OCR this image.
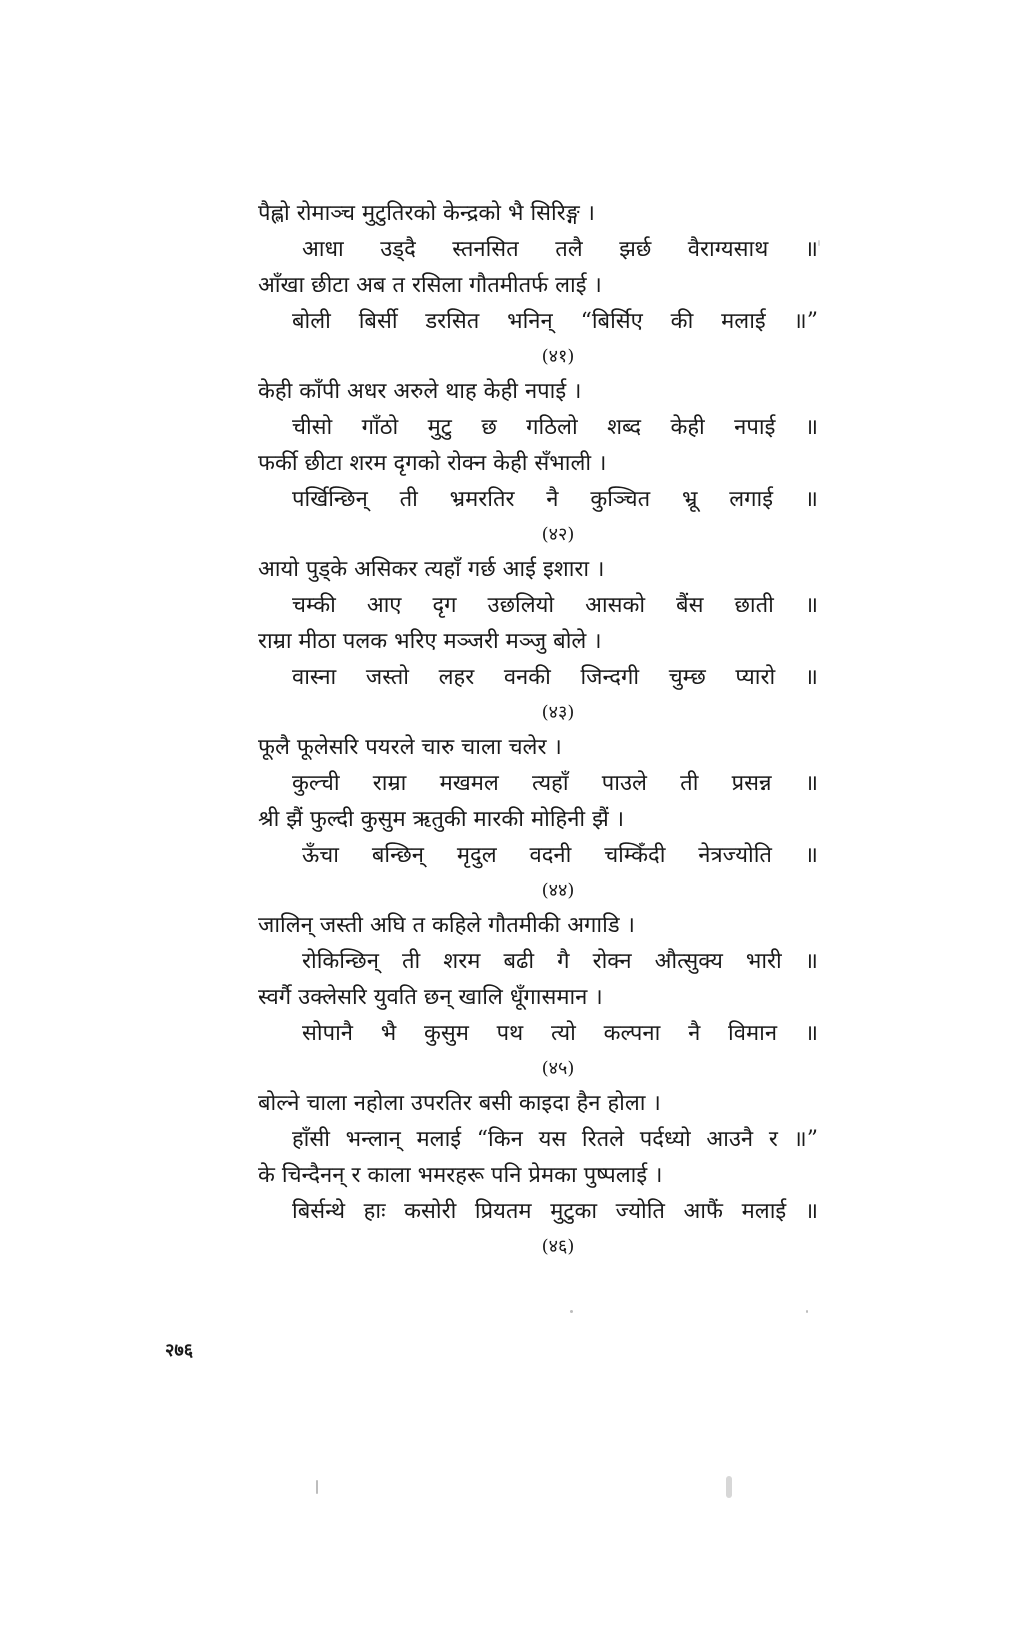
पैह्लो रोमाञ्च मुटुतिरको केन्द्रको भै सिरिङ्ग ।
आधा उड्दै स्तनसित तलै झर्छ वैराग्यसाथ ॥
आँखा छीटा अब त रसिला गौतमीतर्फ लाई ।
बोली बिर्सी डरसित भनिन् “बिर्सिए की मलाई ॥”
(४१)
केही काँपी अधर अरुले थाह केही नपाई ।
चीसो गाँठो मुटु छ गठिलो शब्द केही नपाई ॥
फर्की छीटा शरम दृगको रोक्न केही सँभाली ।
पर्खिन्छिन् ती भ्रमरतिर नै कुञ्चित भ्रू लगाई ॥
(४२)
आयो पुड्के असिकर त्यहाँ गर्छ आई इशारा ।
चम्की आए दृग उछलियो आसको बैंस छाती ॥
राम्रा मीठा पलक भरिए मञ्जरी मञ्जु बोले ।
वास्ना जस्तो लहर वनकी जिन्दगी चुम्छ प्यारो ॥
(४३)
फूलै फूलेसरि पयरले चारु चाला चलेर ।
कुल्ची राम्रा मखमल त्यहाँ पाउले ती प्रसन्न ॥
श्री झैं फुल्दी कुसुम ऋतुकी मारकी मोहिनी झैं ।
ऊँचा बन्छिन् मृदुल वदनी चम्किँदी नेत्रज्योति ॥
(४४)
जालिन् जस्ती अघि त कहिले गौतमीकी अगाडि ।
रोकिन्छिन् ती शरम बढी गै रोक्न औत्सुक्य भारी ॥
स्वर्गै उक्लेसरि युवति छन् खालि धूँगासमान ।
सोपानै भै कुसुम पथ त्यो कल्पना नै विमान ॥
(४५)
बोल्ने चाला नहोला उपरतिर बसी काइदा हैन होला ।
हाँसी भन्लान् मलाई “किन यस रितले पर्दध्यो आउनै र ॥”
के चिन्दैनन् र काला भमरहरू पनि प्रेमका पुष्पलाई ।
बिर्सन्थे हाः कसोरी प्रियतम मुटुका ज्योति आफैं मलाई ॥
(४६)
२७६
